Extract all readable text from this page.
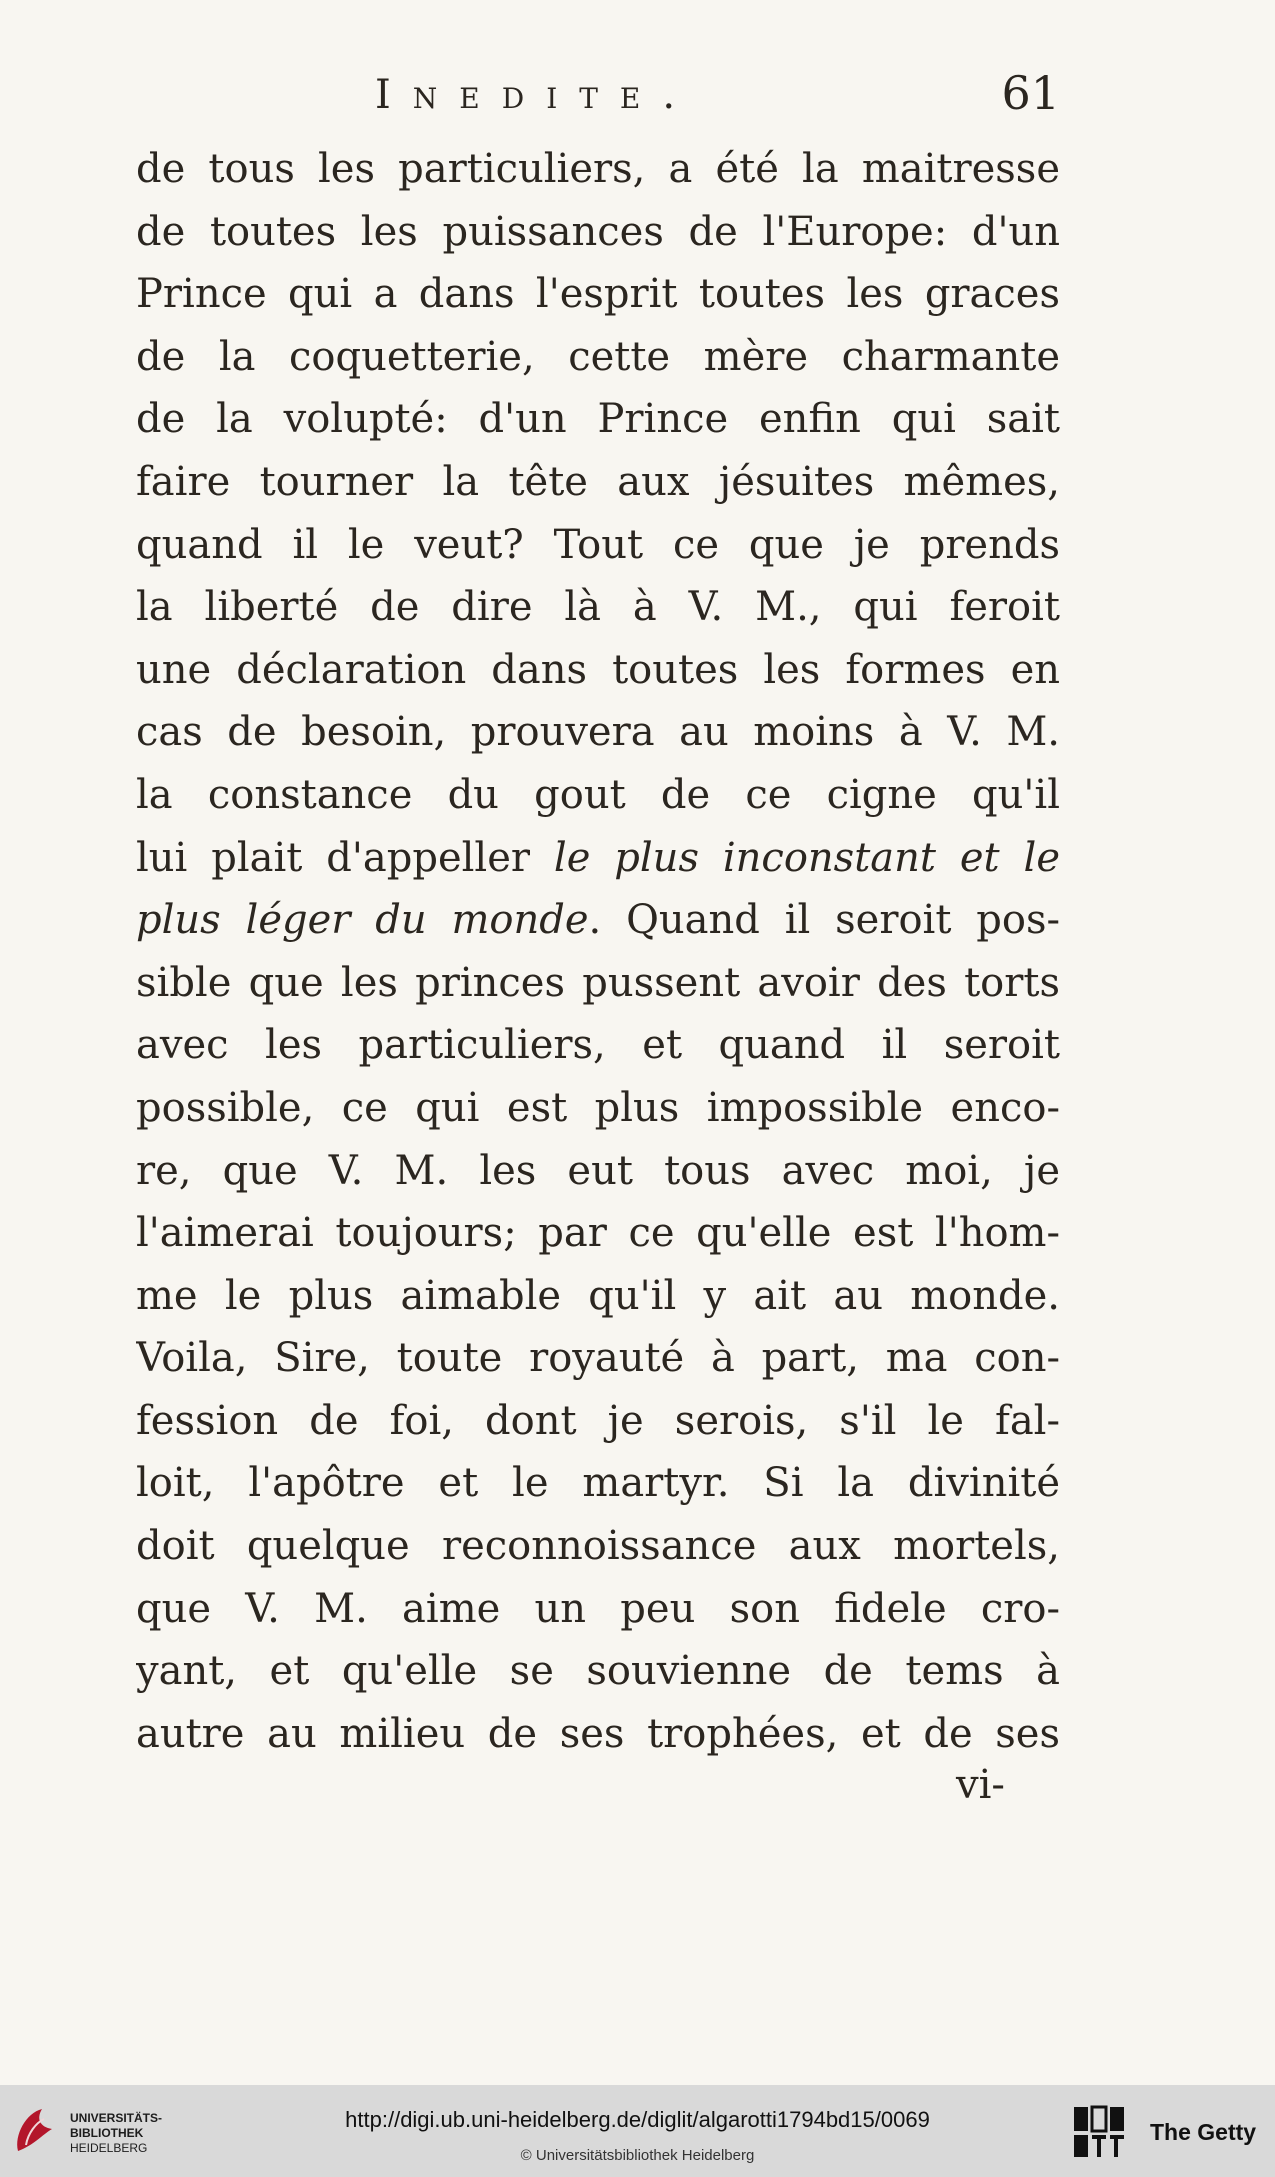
Inedite.	61
de tous les particuliers, a été la maitresse
de toutes les puissances de l'Europe: d'un
Prince qui a dans l'esprit toutes les graces
de la coquetterie, cette mère charmante
de la volupté: d'un Prince enfin qui sait
faire tourner la tête aux jésuites mêmes,
quand il le veut? Tout ce que je prends
la liberté de dire là à V. M., qui feroit
une déclaration dans toutes les formes en
cas de besoin, prouvera au moins à V. M.
la constance du gout de ce cigne qu'il
lui plait d'appeller le plus inconstant et le
plus léger du monde. Quand il seroit pos-
sible que les princes pussent avoir des torts
avec les particuliers, et quand il seroit
possible, ce qui est plus impossible enco-
re, que V. M. les eut tous avec moi, je
l'aimerai toujours; par ce qu'elle est l'hom-
me le plus aimable qu'il y ait au monde.
Voila, Sire, toute royauté à part, ma con-
fession de foi, dont je serois, s'il le fal-
loit, l'apôtre et le martyr. Si la divinité
doit quelque reconnoissance aux mortels,
que V. M. aime un peu son fidele cro-
yant, et qu'elle se souvienne de tems à
autre au milieu de ses trophées, et de ses
vi-
UNIVERSITÄTS-
BIBLIOTHEK
HEIDELBERG
http://digi.ub.uni-heidelberg.de/diglit/algarotti1794bd15/0069
© Universitätsbibliothek Heidelberg
The Getty
